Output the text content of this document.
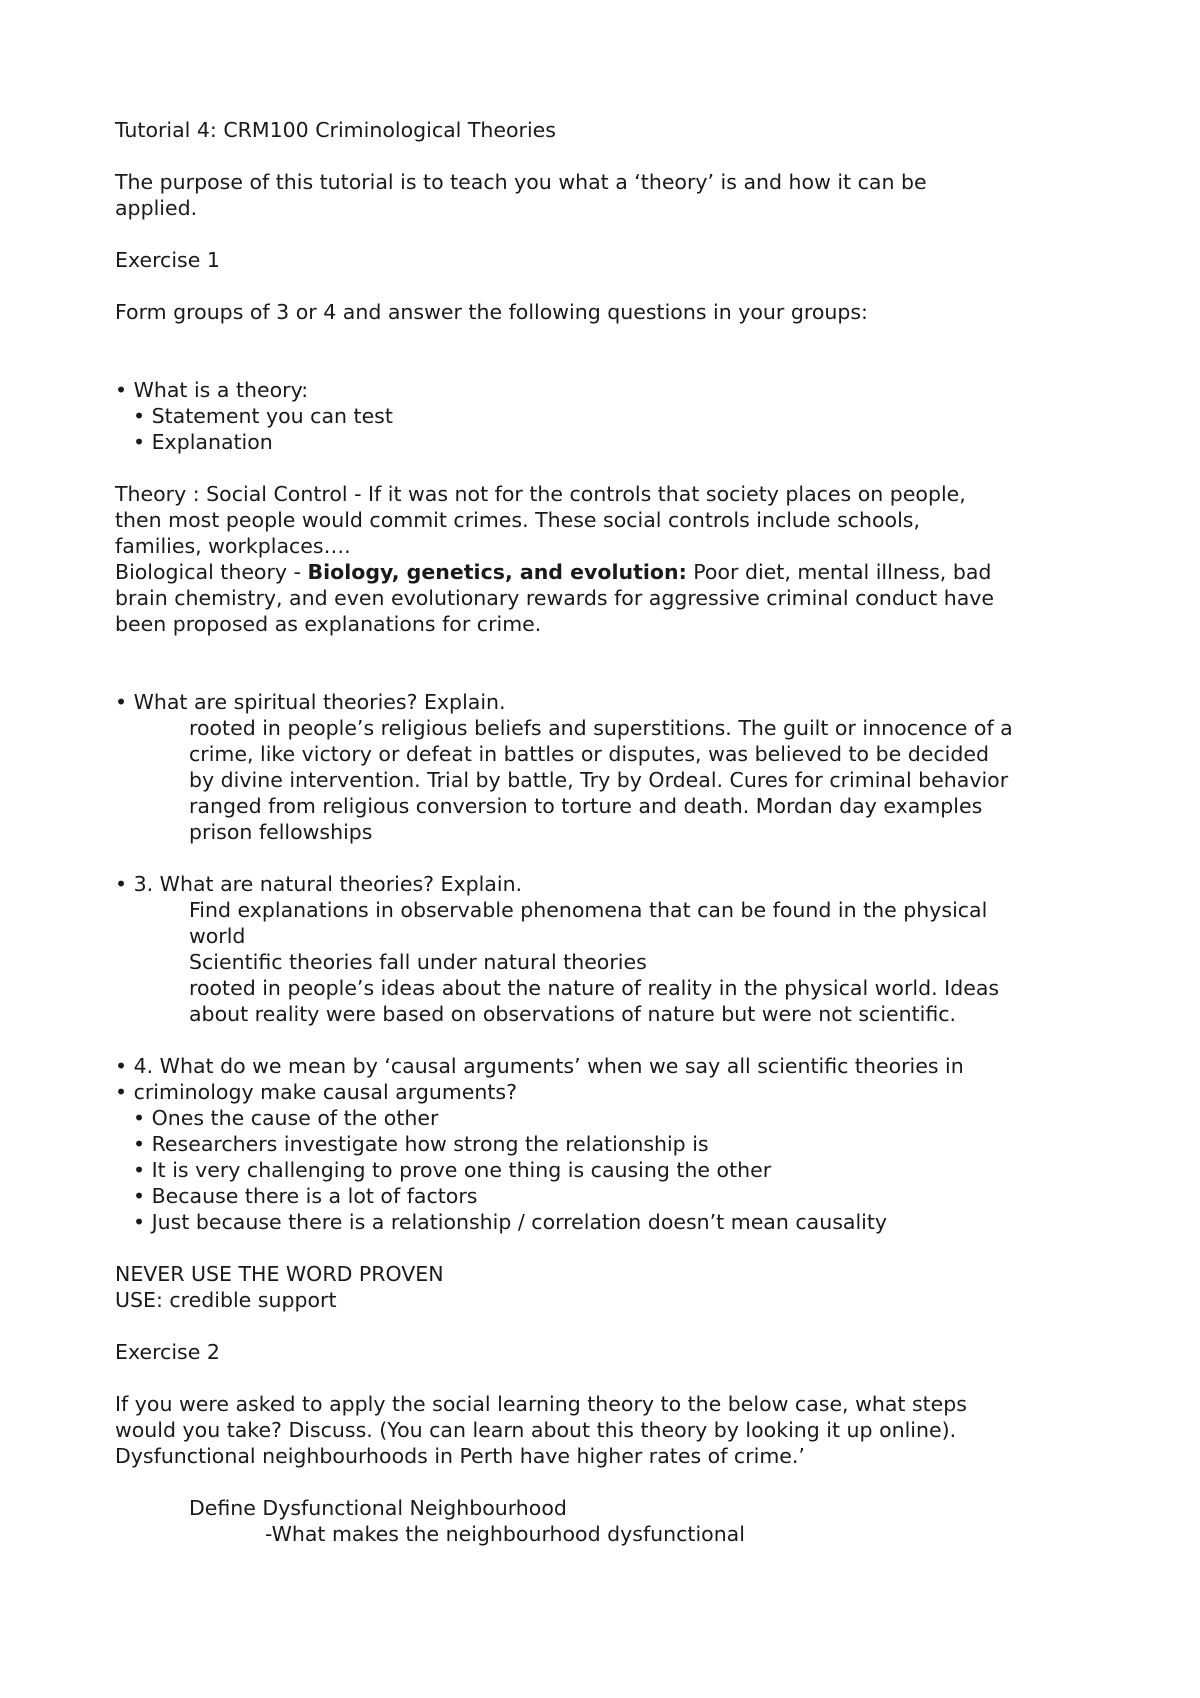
Tutorial 4: CRM100 Criminological Theories
The purpose of this tutorial is to teach you what a ‘theory’ is and how it can be
applied.
Exercise 1
Form groups of 3 or 4 and answer the following questions in your groups:
• What is a theory:
• Statement you can test
• Explanation
Theory : Social Control - If it was not for the controls that society places on people,
then most people would commit crimes. These social controls include schools,
families, workplaces….
Biological theory - Biology, genetics, and evolution: Poor diet, mental illness, bad
brain chemistry, and even evolutionary rewards for aggressive criminal conduct have
been proposed as explanations for crime.
• What are spiritual theories? Explain.
rooted in people’s religious beliefs and superstitions. The guilt or innocence of a
crime, like victory or defeat in battles or disputes, was believed to be decided
by divine intervention. Trial by battle, Try by Ordeal. Cures for criminal behavior
ranged from religious conversion to torture and death. Mordan day examples
prison fellowships
• 3. What are natural theories? Explain.
Find explanations in observable phenomena that can be found in the physical
world
Scientific theories fall under natural theories
rooted in people’s ideas about the nature of reality in the physical world. Ideas
about reality were based on observations of nature but were not scientific.
• 4. What do we mean by ‘causal arguments’ when we say all scientific theories in
• criminology make causal arguments?
• Ones the cause of the other
• Researchers investigate how strong the relationship is
• It is very challenging to prove one thing is causing the other
• Because there is a lot of factors
• Just because there is a relationship / correlation doesn’t mean causality
NEVER USE THE WORD PROVEN
USE: credible support
Exercise 2
If you were asked to apply the social learning theory to the below case, what steps
would you take? Discuss. (You can learn about this theory by looking it up online).
Dysfunctional neighbourhoods in Perth have higher rates of crime.’
Define Dysfunctional Neighbourhood
-What makes the neighbourhood dysfunctional
